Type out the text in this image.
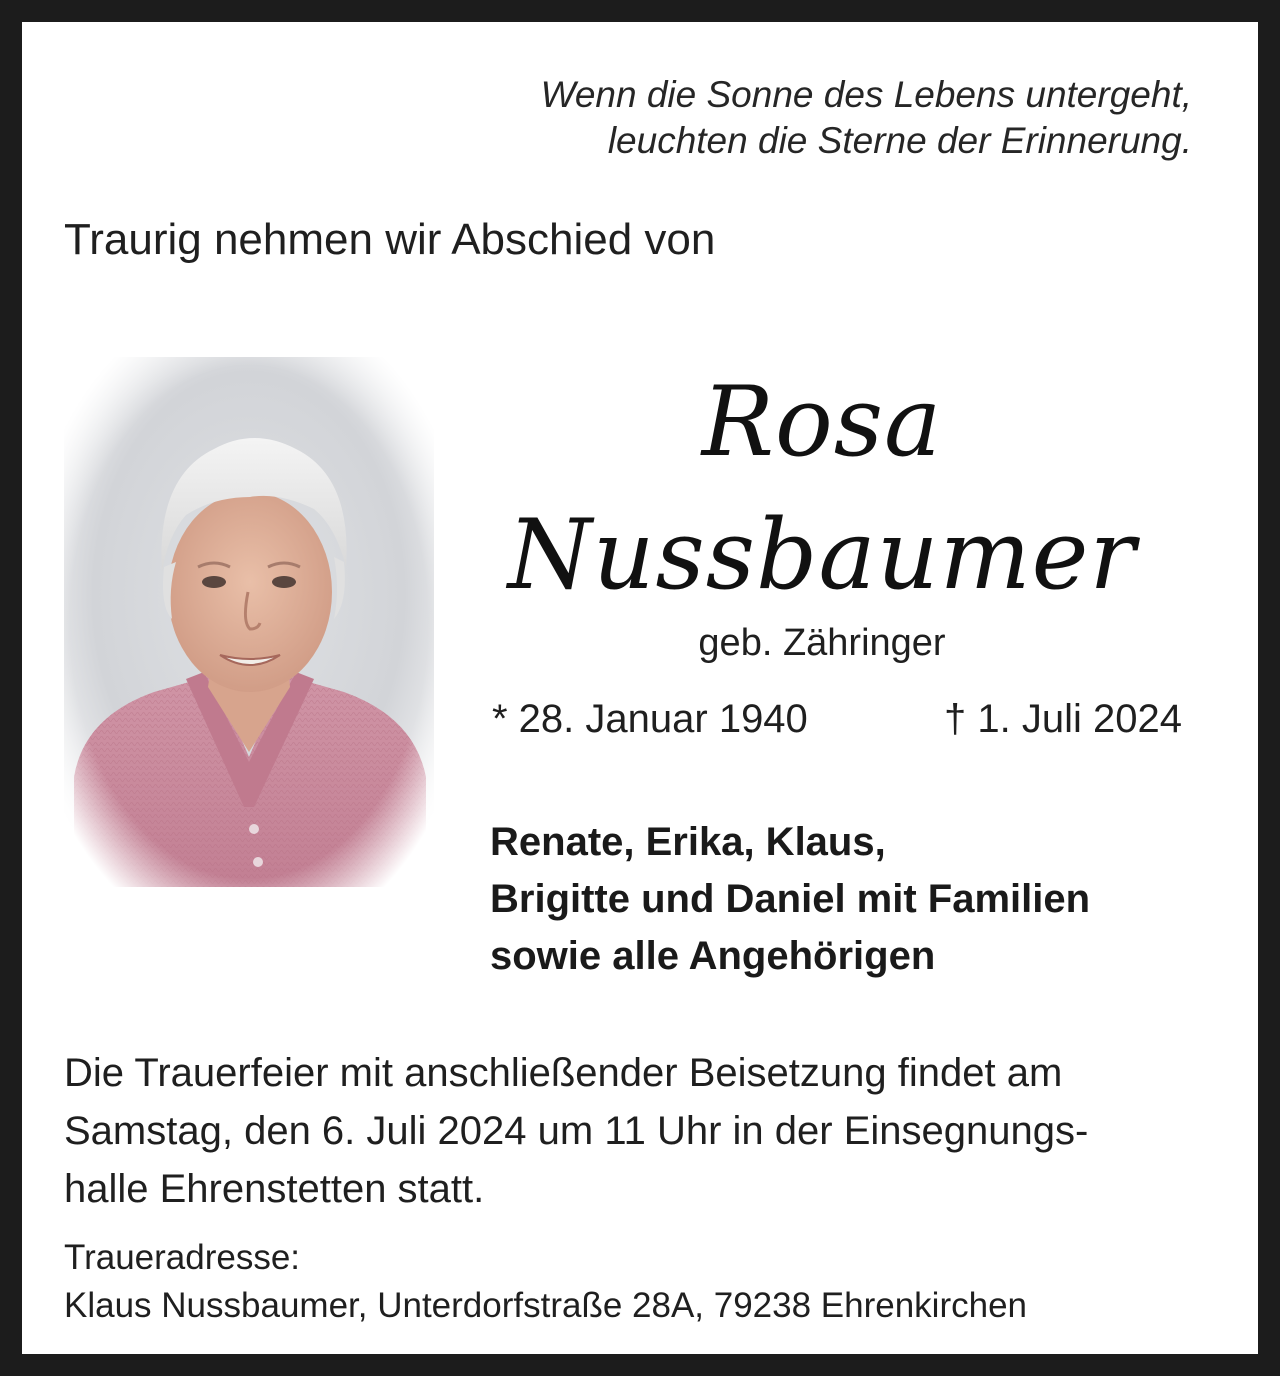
Wenn die Sonne des Lebens untergeht,
leuchten die Sterne der Erinnerung.
Traurig nehmen wir Abschied von
Rosa
Nussbaumer
geb. Zähringer
* 28. Januar 1940	† 1. Juli 2024
Renate, Erika, Klaus,
Brigitte und Daniel mit Familien
sowie alle Angehörigen
Die Trauerfeier mit anschließender Beisetzung findet am
Samstag, den 6. Juli 2024 um 11 Uhr in der Einsegnungs-
halle Ehrenstetten statt.
Traueradresse:
Klaus Nussbaumer, Unterdorfstraße 28A, 79238 Ehrenkirchen
